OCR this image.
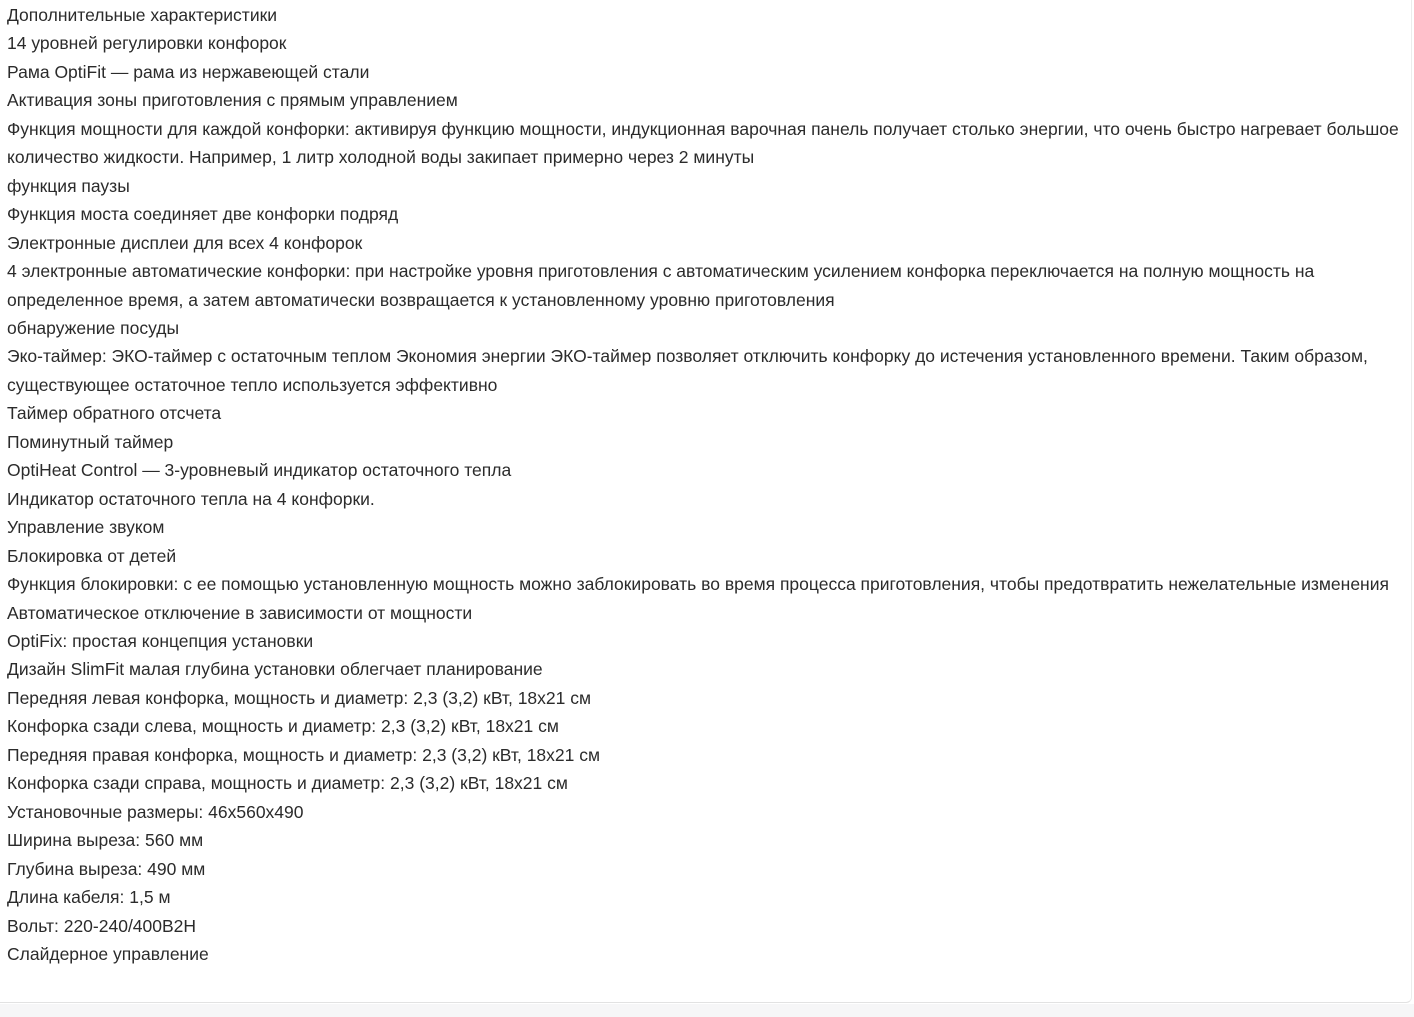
Дополнительные характеристики

14 уровней регулировки конфорок

Рама OptiFit — рама из нержавеющей стали

Активация зоны приготовления с прямым управлением

Функция мощности для каждой конфорки: активируя функцию мощности, индукционная варочная панель получает столько энергии, что очень быстро нагревает большое количество жидкости. Например, 1 литр холодной воды закипает примерно через 2 минуты

функция паузы

Функция моста соединяет две конфорки подряд

Электронные дисплеи для всех 4 конфорок

4 электронные автоматические конфорки: при настройке уровня приготовления с автоматическим усилением конфорка переключается на полную мощность на определенное время, а затем автоматически возвращается к установленному уровню приготовления

обнаружение посуды

Эко-таймер: ЭКО-таймер с остаточным теплом Экономия энергии ЭКО-таймер позволяет отключить конфорку до истечения установленного времени. Таким образом, существующее остаточное тепло используется эффективно

Таймер обратного отсчета

Поминутный таймер

OptiHeat Control — 3-уровневый индикатор остаточного тепла

Индикатор остаточного тепла на 4 конфорки.

Управление звуком

Блокировка от детей

Функция блокировки: с ее помощью установленную мощность можно заблокировать во время процесса приготовления, чтобы предотвратить нежелательные изменения

Автоматическое отключение в зависимости от мощности

OptiFix: простая концепция установки

Дизайн SlimFit малая глубина установки облегчает планирование

Передняя левая конфорка, мощность и диаметр: 2,3 (3,2) кВт, 18x21 см

Конфорка сзади слева, мощность и диаметр: 2,3 (3,2) кВт, 18x21 см

Передняя правая конфорка, мощность и диаметр: 2,3 (3,2) кВт, 18x21 см

Конфорка сзади справа, мощность и диаметр: 2,3 (3,2) кВт, 18x21 см

Установочные размеры: 46x560x490

Ширина выреза: 560 мм

Глубина выреза: 490 мм

Длина кабеля: 1,5 м

Вольт: 220-240/400В2Н

Слайдерное управление
